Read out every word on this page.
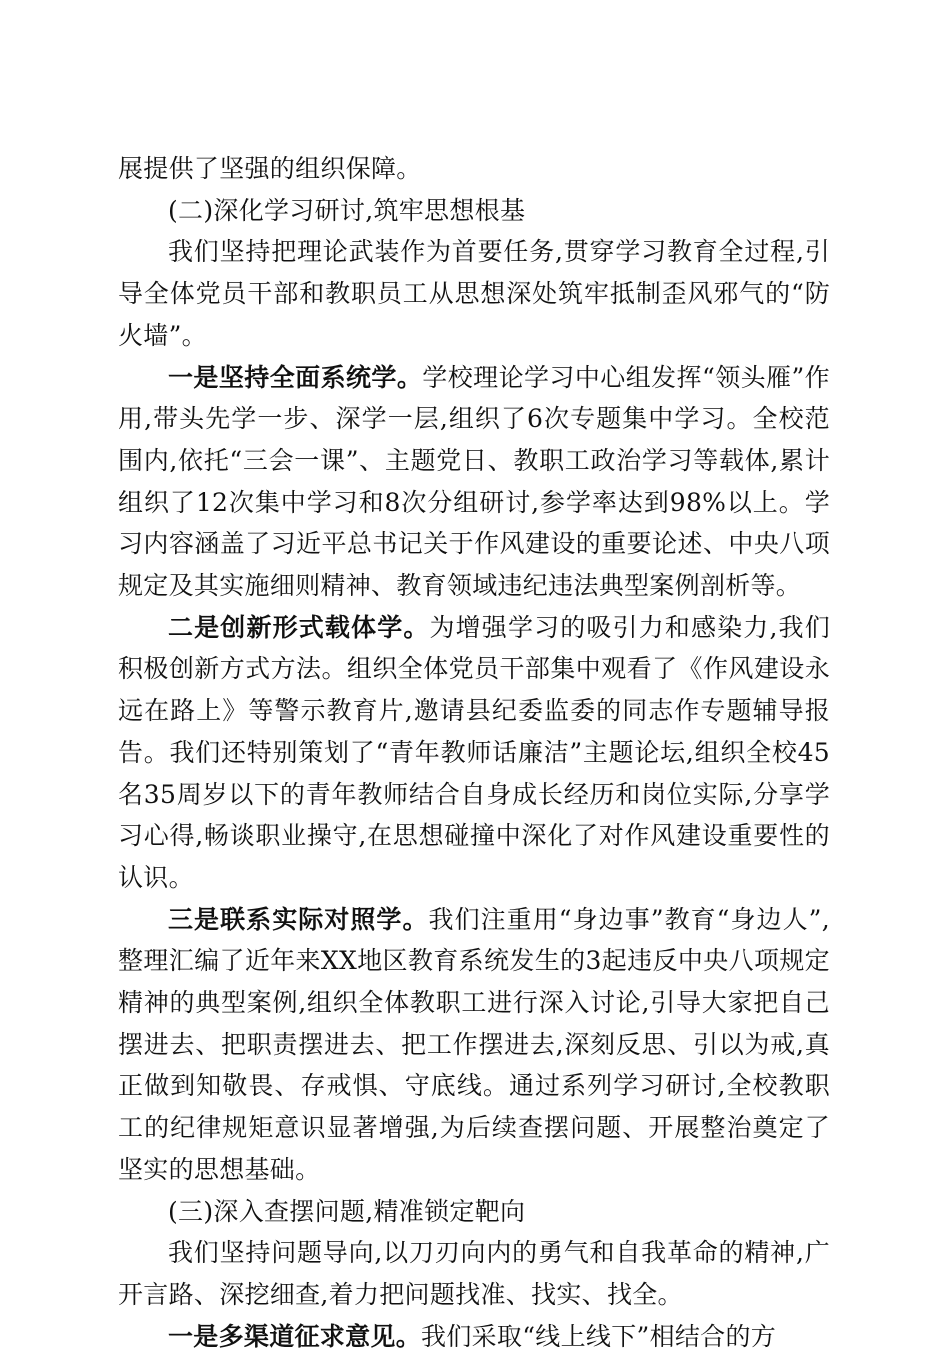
展提供了坚强的组织保障。

(二)深化学习研讨,筑牢思想根基

我们坚持把理论武装作为首要任务,贯穿学习教育全过程,引导全体党员干部和教职员工从思想深处筑牢抵制歪风邪气的“防火墙”。

一是坚持全面系统学。学校理论学习中心组发挥“领头雁”作用,带头先学一步、深学一层,组织了6次专题集中学习。全校范围内,依托“三会一课”、主题党日、教职工政治学习等载体,累计组织了12次集中学习和8次分组研讨,参学率达到98%以上。学习内容涵盖了习近平总书记关于作风建设的重要论述、中央八项规定及其实施细则精神、教育领域违纪违法典型案例剖析等。

二是创新形式载体学。为增强学习的吸引力和感染力,我们积极创新方式方法。组织全体党员干部集中观看了《作风建设永远在路上》等警示教育片,邀请县纪委监委的同志作专题辅导报告。我们还特别策划了“青年教师话廉洁”主题论坛,组织全校45名35周岁以下的青年教师结合自身成长经历和岗位实际,分享学习心得,畅谈职业操守,在思想碰撞中深化了对作风建设重要性的认识。

三是联系实际对照学。我们注重用“身边事”教育“身边人”,整理汇编了近年来XX地区教育系统发生的3起违反中央八项规定精神的典型案例,组织全体教职工进行深入讨论,引导大家把自己摆进去、把职责摆进去、把工作摆进去,深刻反思、引以为戒,真正做到知敬畏、存戒惧、守底线。通过系列学习研讨,全校教职工的纪律规矩意识显著增强,为后续查摆问题、开展整治奠定了坚实的思想基础。

(三)深入查摆问题,精准锁定靶向

我们坚持问题导向,以刀刃向内的勇气和自我革命的精神,广开言路、深挖细查,着力把问题找准、找实、找全。

一是多渠道征求意见。我们采取“线上线下”相结合的方
